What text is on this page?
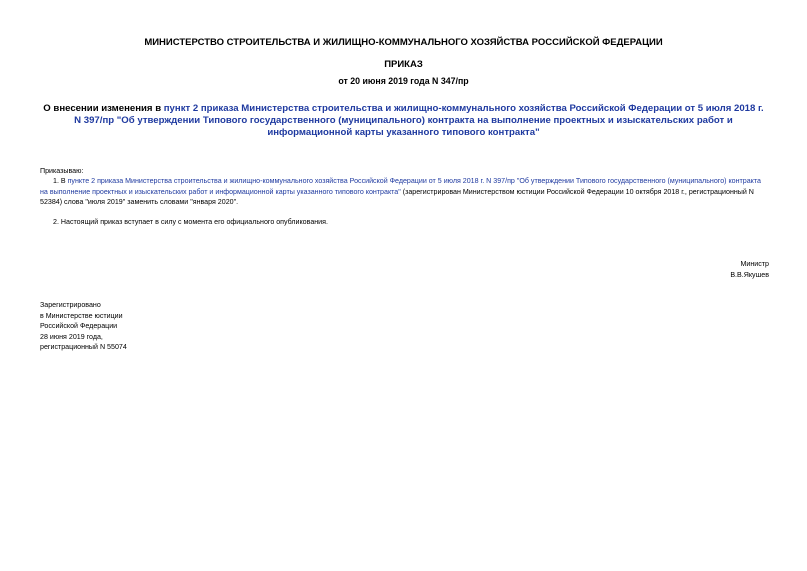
МИНИСТЕРСТВО СТРОИТЕЛЬСТВА И ЖИЛИЩНО-КОММУНАЛЬНОГО ХОЗЯЙСТВА РОССИЙСКОЙ ФЕДЕРАЦИИ
ПРИКАЗ
от 20 июня 2019 года N 347/пр
О внесении изменения в пункт 2 приказа Министерства строительства и жилищно-коммунального хозяйства Российской Федерации от 5 июля 2018 г. N 397/пр "Об утверждении Типового государственного (муниципального) контракта на выполнение проектных и изыскательских работ и информационной карты указанного типового контракта"
Приказываю:
1. В пункте 2 приказа Министерства строительства и жилищно-коммунального хозяйства Российской Федерации от 5 июля 2018 г. N 397/пр "Об утверждении Типового государственного (муниципального) контракта на выполнение проектных и изыскательских работ и информационной карты указанного типового контракта" (зарегистрирован Министерством юстиции Российской Федерации 10 октября 2018 г., регистрационный N 52384) слова "июля 2019" заменить словами "января 2020".
2. Настоящий приказ вступает в силу с момента его официального опубликования.
Министр
В.В.Якушев
Зарегистрировано
в Министерстве юстиции
Российской Федерации
28 июня 2019 года,
регистрационный N 55074
